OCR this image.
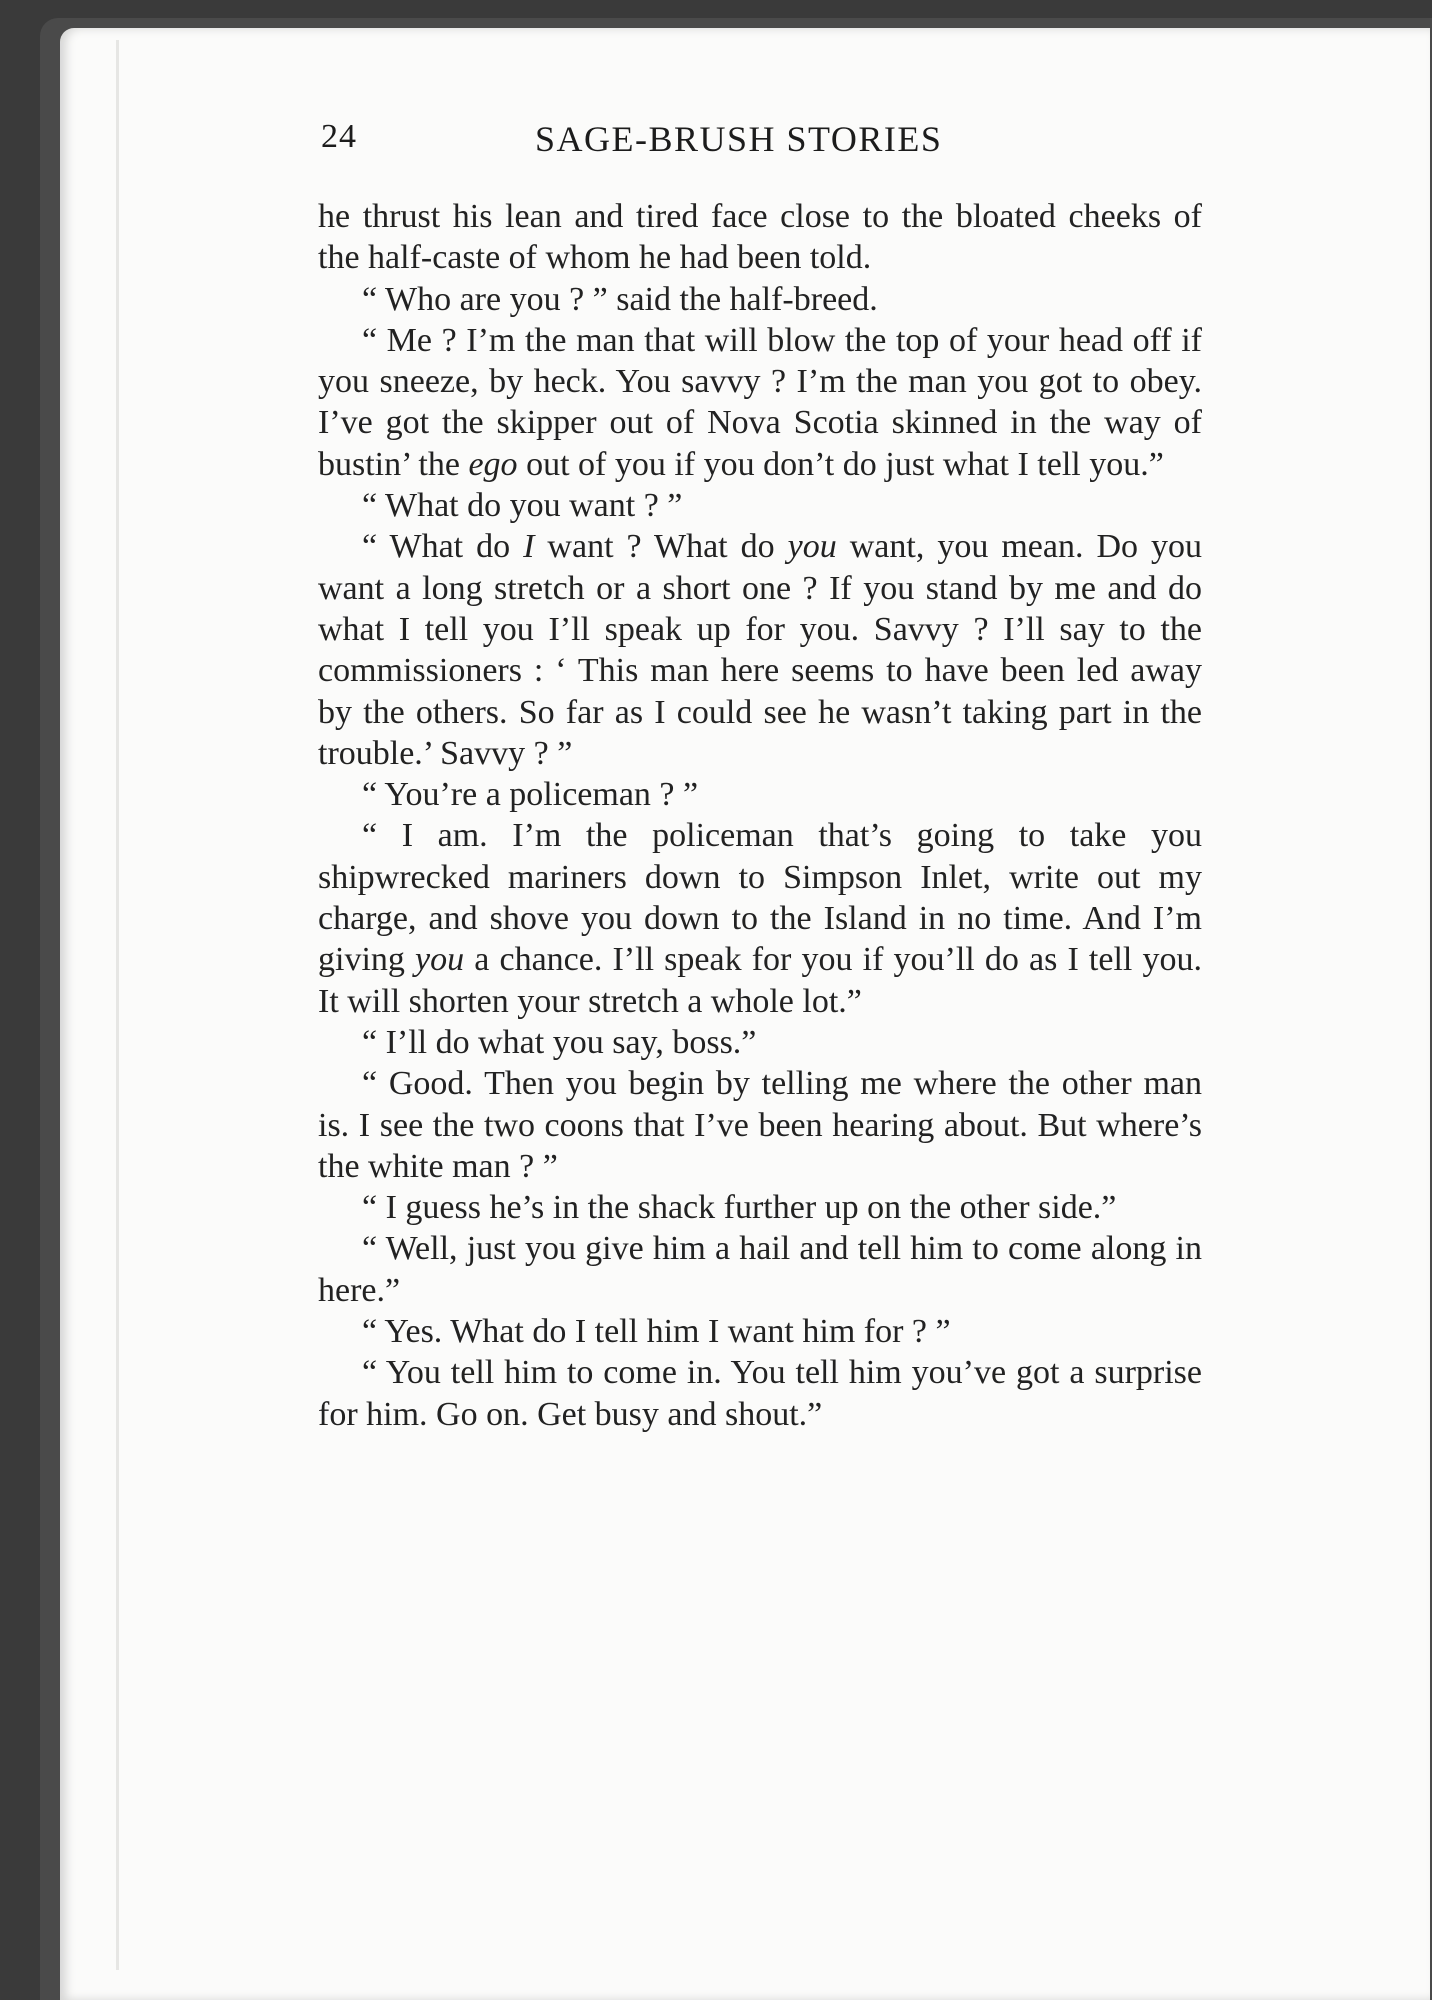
24	SAGE-BRUSH STORIES

he thrust his lean and tired face close to the bloated cheeks of the half-caste of whom he had been told.

“ Who are you ? ” said the half-breed.

“ Me ? I’m the man that will blow the top of your head off if you sneeze, by heck. You savvy ? I’m the man you got to obey. I’ve got the skipper out of Nova Scotia skinned in the way of bustin’ the ego out of you if you don’t do just what I tell you.”

“ What do you want ? ”

“ What do I want ? What do you want, you mean. Do you want a long stretch or a short one ? If you stand by me and do what I tell you I’ll speak up for you. Savvy ? I’ll say to the commissioners : ‘ This man here seems to have been led away by the others. So far as I could see he wasn’t taking part in the trouble.’ Savvy ? ”

“ You’re a policeman ? ”

“ I am. I’m the policeman that’s going to take you shipwrecked mariners down to Simpson Inlet, write out my charge, and shove you down to the Island in no time. And I’m giving you a chance. I’ll speak for you if you’ll do as I tell you. It will shorten your stretch a whole lot.”

“ I’ll do what you say, boss.”

“ Good. Then you begin by telling me where the other man is. I see the two coons that I’ve been hearing about. But where’s the white man ? ”

“ I guess he’s in the shack further up on the other side.”

“ Well, just you give him a hail and tell him to come along in here.”

“ Yes. What do I tell him I want him for ? ”

“ You tell him to come in. You tell him you’ve got a surprise for him. Go on. Get busy and shout.”
